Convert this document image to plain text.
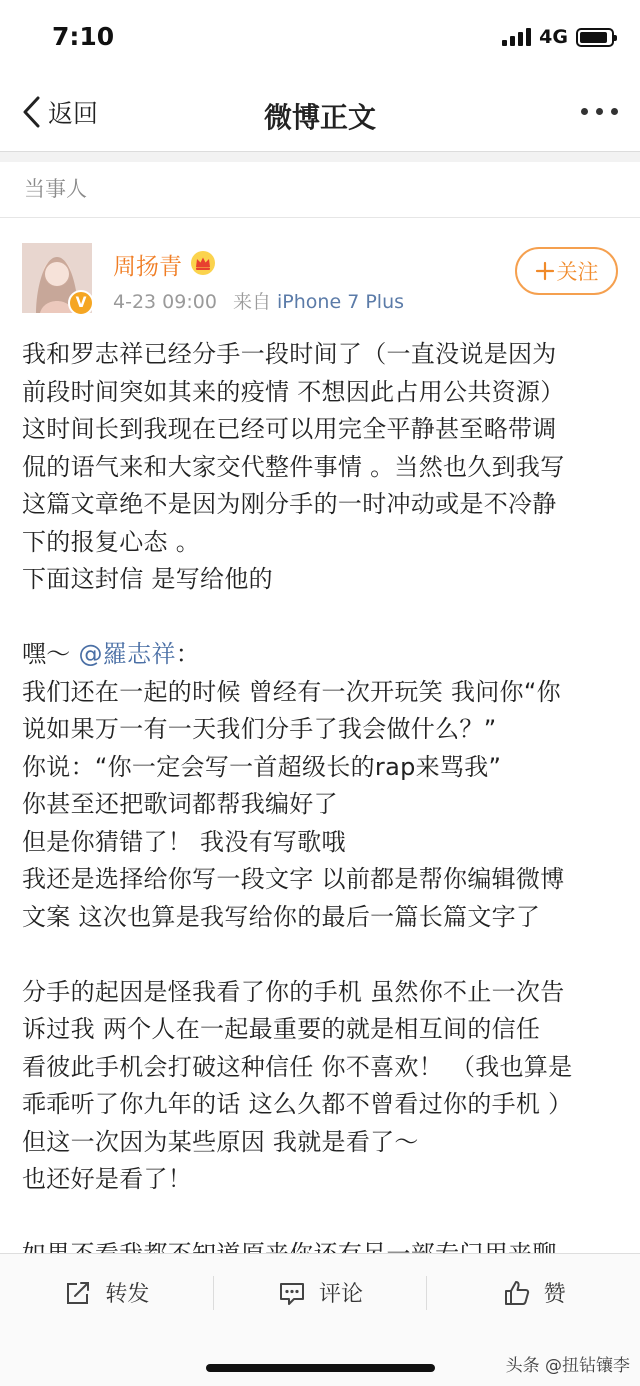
7:10	4G
返回	微博正文
当事人
V
周扬青
4-23 09:00 来自 iPhone 7 Plus
关注
我和罗志祥已经分手一段时间了（一直没说是因为
前段时间突如其来的疫情 不想因此占用公共资源）
这时间长到我现在已经可以用完全平静甚至略带调
侃的语气来和大家交代整件事情 。当然也久到我写
这篇文章绝不是因为刚分手的一时冲动或是不冷静
下的报复心态 。
下面这封信 是写给他的
嘿～ @羅志祥：
我们还在一起的时候 曾经有一次开玩笑 我问你“你
说如果万一有一天我们分手了我会做什么？”
你说：“你一定会写一首超级长的rap来骂我”
你甚至还把歌词都帮我编好了
但是你猜错了！ 我没有写歌哦
我还是选择给你写一段文字 以前都是帮你编辑微博
文案 这次也算是我写给你的最后一篇长篇文字了
分手的起因是怪我看了你的手机 虽然你不止一次告
诉过我 两个人在一起最重要的就是相互间的信任
看彼此手机会打破这种信任 你不喜欢！ （我也算是
乖乖听了你九年的话 这么久都不曾看过你的手机 ）
但这一次因为某些原因 我就是看了～
也还好是看了！
转发	评论	赞
头条 @扭钻镶李
